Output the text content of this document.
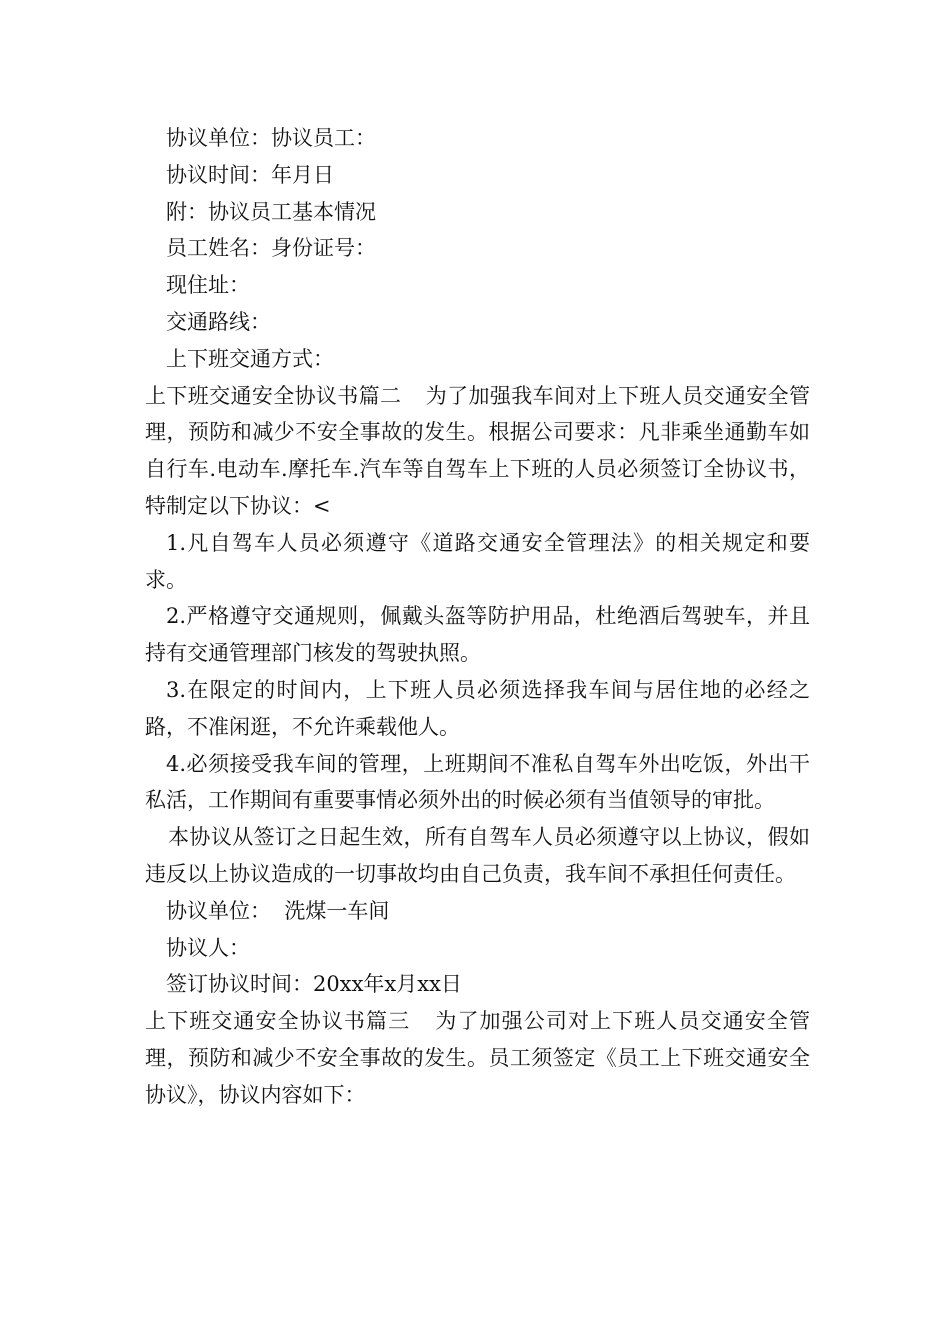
协议单位：协议员工：
协议时间：年月日
附：协议员工基本情况
员工姓名：身份证号：
现住址：
交通路线：
上下班交通方式：
上下班交通安全协议书篇二 为了加强我车间对上下班人员交通安全管理，预防和减少不安全事故的发生。根据公司要求：凡非乘坐通勤车如自行车.电动车.摩托车.汽车等自驾车上下班的人员必须签订全协议书，特制定以下协议：<
1.凡自驾车人员必须遵守《道路交通安全管理法》的相关规定和要求。
2.严格遵守交通规则，佩戴头盔等防护用品，杜绝酒后驾驶车，并且持有交通管理部门核发的驾驶执照。
3.在限定的时间内，上下班人员必须选择我车间与居住地的必经之路，不准闲逛，不允许乘载他人。
4.必须接受我车间的管理，上班期间不准私自驾车外出吃饭，外出干私活，工作期间有重要事情必须外出的时候必须有当值领导的审批。
本协议从签订之日起生效，所有自驾车人员必须遵守以上协议，假如违反以上协议造成的一切事故均由自己负责，我车间不承担任何责任。
协议单位：  洗煤一车间
协议人：
签订协议时间：20xx年x月xx日
上下班交通安全协议书篇三 为了加强公司对上下班人员交通安全管理，预防和减少不安全事故的发生。员工须签定《员工上下班交通安全协议》，协议内容如下：
